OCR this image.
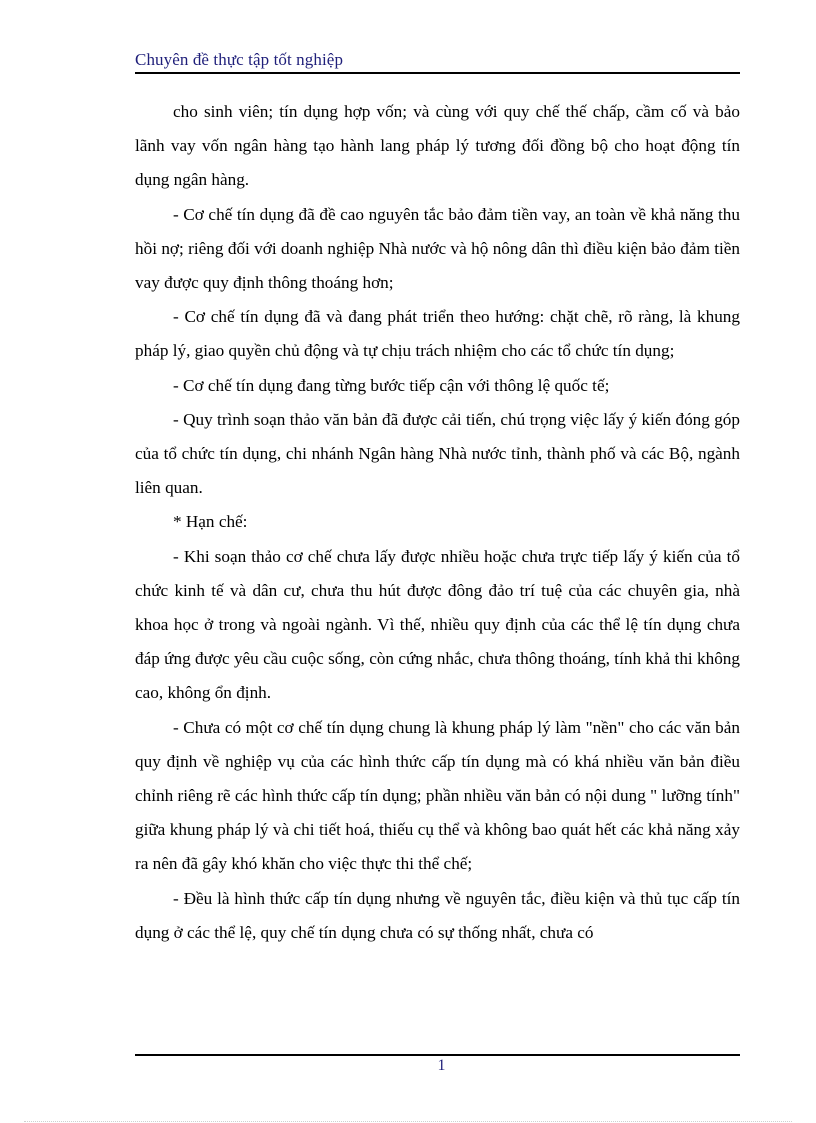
Chuyên đề thực tập tốt nghiệp

cho sinh viên; tín dụng hợp vốn; và cùng với quy chế thế chấp, cầm cố và bảo lãnh vay vốn ngân hàng tạo hành lang pháp lý tương đối đồng bộ cho hoạt động tín dụng ngân hàng.

- Cơ chế tín dụng đã đề cao nguyên tắc bảo đảm tiền vay, an toàn về khả năng thu hồi nợ; riêng đối với doanh nghiệp Nhà nước và hộ nông dân thì điều kiện bảo đảm tiền vay được quy định thông thoáng hơn;

- Cơ chế tín dụng đã và đang phát triển theo hướng: chặt chẽ, rõ ràng, là khung pháp lý, giao quyền chủ động và tự chịu trách nhiệm cho các tổ chức tín dụng;

- Cơ chế tín dụng đang từng bước tiếp cận với thông lệ quốc tế;

- Quy trình soạn thảo văn bản đã được cải tiến, chú trọng việc lấy ý kiến đóng góp của tổ chức tín dụng, chi nhánh Ngân hàng Nhà nước tỉnh, thành phố và các Bộ, ngành liên quan.

* Hạn chế:

- Khi soạn thảo cơ chế chưa lấy được nhiều hoặc chưa trực tiếp lấy ý kiến của tổ chức kinh tế và dân cư, chưa thu hút được đông đảo trí tuệ của các chuyên gia, nhà khoa học ở trong và ngoài ngành. Vì thế, nhiều quy định của các thể lệ tín dụng chưa đáp ứng được yêu cầu cuộc sống, còn cứng nhắc, chưa thông thoáng, tính khả thi không cao, không ổn định.

- Chưa có một cơ chế tín dụng chung là khung pháp lý làm "nền" cho các văn bản quy định về nghiệp vụ của các hình thức cấp tín dụng mà có khá nhiều văn bản điều chỉnh riêng rẽ các hình thức cấp tín dụng; phần nhiều văn bản có nội dung " lưỡng tính" giữa khung pháp lý và chi tiết hoá, thiếu cụ thể và không bao quát hết các khả năng xảy ra nên đã gây khó khăn cho việc thực thi thể chế;

- Đều là hình thức cấp tín dụng nhưng về nguyên tắc, điều kiện và thủ tục cấp tín dụng ở các thể lệ, quy chế tín dụng chưa có sự thống nhất, chưa có

1
